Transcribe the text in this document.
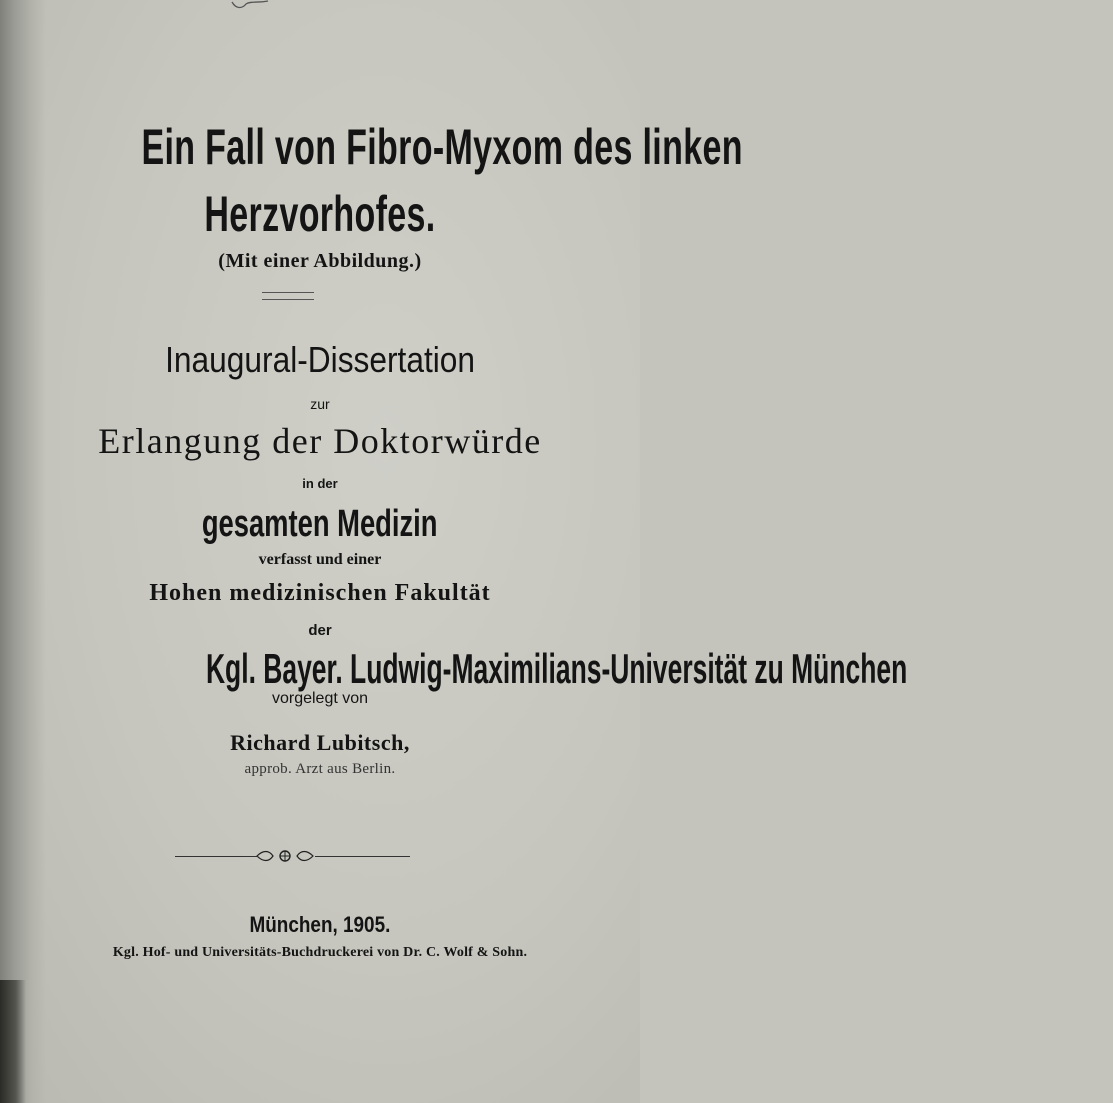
Ein Fall von Fibro-Myxom des linken
Herzvorhofes.
(Mit einer Abbildung.)
Inaugural-Dissertation
zur
Erlangung der Doktorwürde
in der
gesamten Medizin
verfasst und einer
Hohen medizinischen Fakultät
der
Kgl. Bayer. Ludwig-Maximilians-Universität zu München
vorgelegt von
Richard Lubitsch,
approb. Arzt aus Berlin.
München, 1905.
Kgl. Hof- und Universitäts-Buchdruckerei von Dr. C. Wolf & Sohn.
